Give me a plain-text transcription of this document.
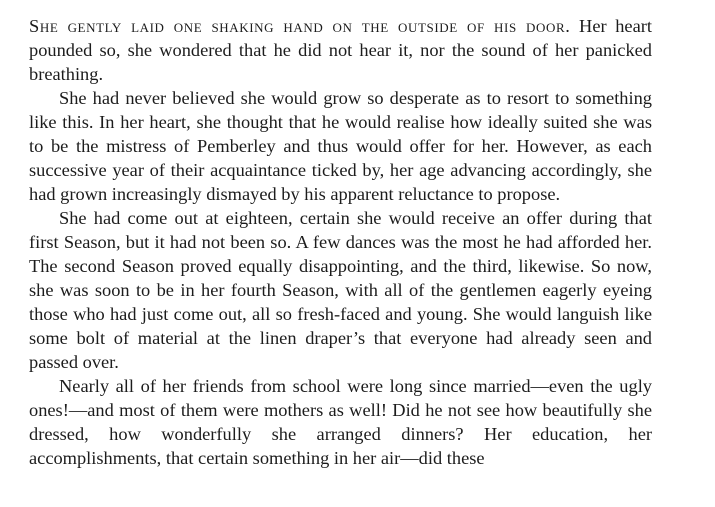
She gently laid one shaking hand on the outside of his door. Her heart pounded so, she wondered that he did not hear it, nor the sound of her panicked breathing.

She had never believed she would grow so desperate as to resort to something like this. In her heart, she thought that he would realise how ideally suited she was to be the mistress of Pemberley and thus would offer for her. However, as each successive year of their acquaintance ticked by, her age advancing accordingly, she had grown increasingly dismayed by his apparent reluctance to propose.

She had come out at eighteen, certain she would receive an offer during that first Season, but it had not been so. A few dances was the most he had afforded her. The second Season proved equally disappointing, and the third, likewise. So now, she was soon to be in her fourth Season, with all of the gentlemen eagerly eyeing those who had just come out, all so fresh-faced and young. She would languish like some bolt of material at the linen draper’s that everyone had already seen and passed over.

Nearly all of her friends from school were long since married—even the ugly ones!—and most of them were mothers as well! Did he not see how beautifully she dressed, how wonderfully she arranged dinners? Her education, her accomplishments, that certain something in her air—did these
